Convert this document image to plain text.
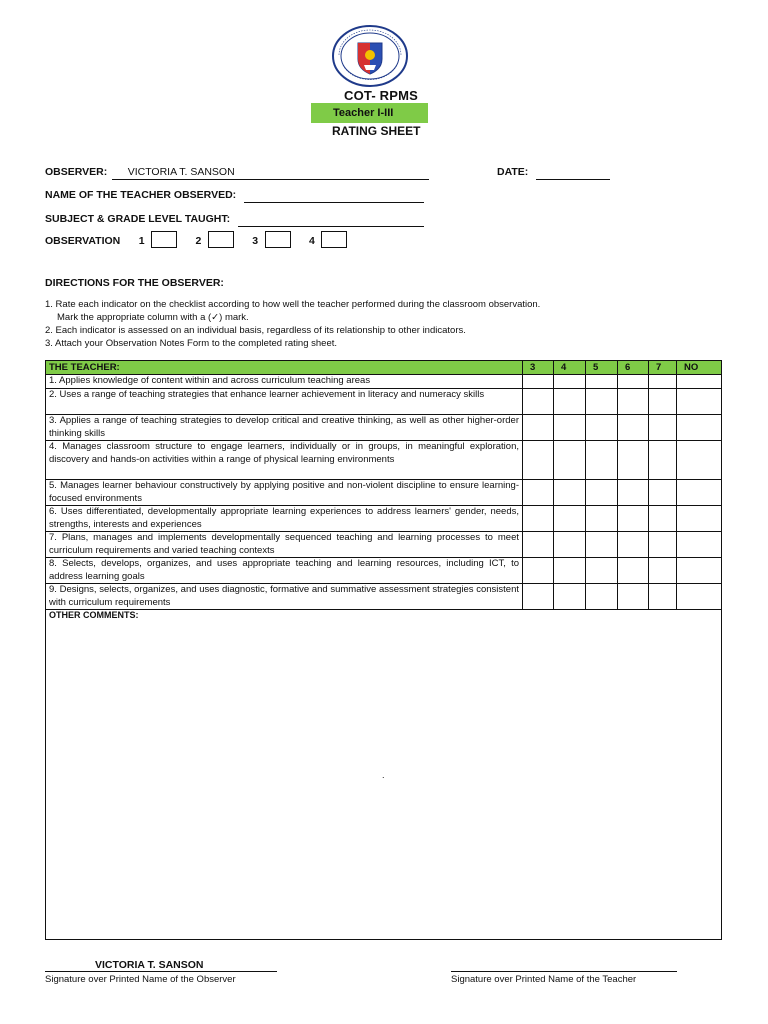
COT- RPMS
Teacher I-III
RATING SHEET
OBSERVER: VICTORIA T. SANSON	DATE:
NAME OF THE TEACHER OBSERVED:
SUBJECT & GRADE LEVEL TAUGHT:
OBSERVATION 1	2	3	4
DIRECTIONS FOR THE OBSERVER:
1. Rate each indicator on the checklist according to how well the teacher performed during the classroom observation.
Mark the appropriate column with a (✓) mark.
2. Each indicator is assessed on an individual basis, regardless of its relationship to other indicators.
3. Attach your Observation Notes Form to the completed rating sheet.
THE TEACHER:	3	4	5	6	7	NO
1. Applies knowledge of content within and across curriculum teaching areas						
2. Uses a range of teaching strategies that enhance learner achievement in literacy and numeracy skills						
3. Applies a range of teaching strategies to develop critical and creative thinking, as well as other higher-order thinking skills						
4. Manages classroom structure to engage learners, individually or in groups, in meaningful exploration, discovery and hands-on activities within a range of physical learning environments						
5. Manages learner behaviour constructively by applying positive and non-violent discipline to ensure learning-focused environments						
6. Uses differentiated, developmentally appropriate learning experiences to address learners' gender, needs, strengths, interests and experiences						
7. Plans, manages and implements developmentally sequenced teaching and learning processes to meet curriculum requirements and varied teaching contexts						
8. Selects, develops, organizes, and uses appropriate teaching and learning resources, including ICT, to address learning goals						
9. Designs, selects, organizes, and uses diagnostic, formative and summative assessment strategies consistent with curriculum requirements						

OTHER COMMENTS:
.						
VICTORIA T. SANSON
Signature over Printed Name of the Observer	Signature over Printed Name of the Teacher
